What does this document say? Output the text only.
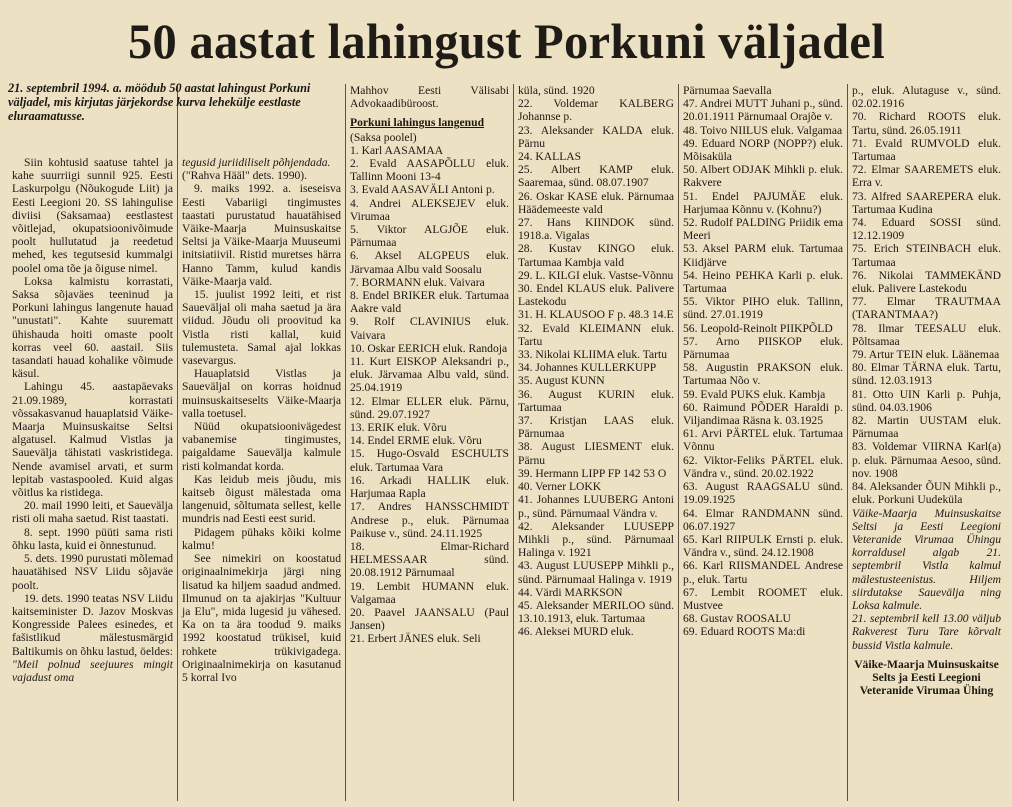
50 aastat lahingust Porkuni väljadel
21. septembril 1994. a. möödub 50 aastat lahingust Porkuni väljadel, mis kirjutas järjekordse kurva lehekülje eestlaste eluraamatusse.

Siin kohtusid saatuse tahtel ja kahe suurriigi sunnil 925. Eesti Laskurpolgu (Nõukogude Liit) ja Eesti Leegioni 20. SS lahingulise diviisi (Saksamaa) eestlastest võitlejad, okupatsioonivõimude poolt hullutatud ja reedetud mehed, kes tegutsesid kummalgi poolel oma tõe ja õiguse nimel.

Loksa kalmistu korrastati, Saksa sõjaväes teeninud ja Porkuni lahingus langenute hauad "unustati". Kahte suurematt ühishauda hoiti omaste poolt korras veel 60. aastail. Siis tasandati hauad kohalike võimude käsul.

Lahingu 45. aastapäevaks 21.09.1989, korrastati võssakasvanud hauaplatsid Väike-Maarja Muinsuskaitse Seltsi algatusel. Kalmud Vistlas ja Sauevälja tähistati vaskristidega. Nende avamisel arvati, et surm lepitab vastaspooled. Kuid algas võitlus ka ristidega.

20. mail 1990 leiti, et Sauevälja risti oli maha saetud. Rist taastati.

8. sept. 1990 püüti sama risti õhku lasta, kuid ei õnnestunud.

5. dets. 1990 purustati mõlemad hauatähised NSV Liidu sõjaväe poolt.

19. dets. 1990 teatas NSV Liidu kaitseminister D. Jazov Moskvas Kongresside Palees esinedes, et fašistlikud mälestusmärgid Baltikumis on õhku lastud, öeldes: "Meil polnud seejuures mingit vajadust oma

tegusid juriidiliselt põhjendada.

("Rahva Hääl" dets. 1990).

9. maiks 1992. a. iseseisva Eesti Vabariigi tingimustes taastati purustatud hauatähised Väike-Maarja Muinsuskaitse Seltsi ja Väike-Maarja Muuseumi initsiatiivil. Ristid muretses härra Hanno Tamm, kulud kandis Väike-Maarja vald.

15. juulist 1992 leiti, et rist Saueväljal oli maha saetud ja ära viidud. Jõudu oli proovitud ka Vistla risti kallal, kuid tulemusteta. Samal ajal lokkas vasevargus.

Hauaplatsid Vistlas ja Saueväljal on korras hoidnud muinsuskaitseselts Väike-Maarja valla toetusel.

Nüüd okupatsioonivägedest vabanemise tingimustes, paigaldame Sauevälja kalmule risti kolmandat korda.

Kas leidub meis jõudu, mis kaitseb õigust mälestada oma langenuid, sõltumata sellest, kelle mundris nad Eesti eest surid.

Pidagem pühaks kõiki kolme kalmu!

See nimekiri on koostatud originaalnimekirja järgi ning lisatud ka hiljem saadud andmed. Ilmunud on ta ajakirjas "Kultuur ja Elu", mida lugesid ju vähesed. Ka on ta ära toodud 9. maiks 1992 koostatud trükisel, kuid rohkete trükivigadega. Originaalnimekirja on kasutanud 5 korral Ivo

Mahhov Eesti Välisabi Advokaadibüroost.

Porkuni lahingus langenud

(Saksa poolel)

1. Karl AASAMAA

2. Evald AASAPÕLLU eluk. Tallinn Mooni 13-4

3. Evald AASAVÄLI Antoni p.

4. Andrei ALEKSEJEV eluk. Virumaa

5. Viktor ALGJÕE eluk. Pärnumaa

6. Aksel ALGPEUS eluk. Järvamaa Albu vald Soosalu

7. BORMANN eluk. Vaivara

8. Endel BRIKER eluk. Tartumaa Aakre vald

9. Rolf CLAVINIUS eluk. Vaivara

10. Oskar EERICH eluk. Randoja

11. Kurt EISKOP Aleksandri p., eluk. Järvamaa Albu vald, sünd. 25.04.1919

12. Elmar ELLER eluk. Pärnu, sünd. 29.07.1927

13. ERIK eluk. Võru

14. Endel ERME eluk. Võru

15. Hugo-Osvald ESCHULTS eluk. Tartumaa Vara

16. Arkadi HALLIK eluk. Harjumaa Rapla

17. Andres HANSSCHMIDT Andrese p., eluk. Pärnumaa Paikuse v., sünd. 24.11.1925

18. Elmar-Richard HELMESSAAR sünd. 20.08.1912 Pärnumaal

19. Lembit HUMANN eluk. Valgamaa

20. Paavel JAANSALU (Paul Jansen)

21. Erbert JÄNES eluk. Seli

küla, sünd. 1920

22. Voldemar KALBERG Johannse p.

23. Aleksander KALDA eluk. Pärnu

24. KALLAS

25. Albert KAMP eluk. Saaremaa, sünd. 08.07.1907

26. Oskar KASE eluk. Pärnumaa Häädemeeste vald

27. Hans KIINDOK sünd. 1918.a. Vigalas

28. Kustav KINGO eluk. Tartumaa Kambja vald

29. L. KILGI eluk. Vastse-Võnnu

30. Endel KLAUS eluk. Palivere Lastekodu

31. H. KLAUSOO F p. 48.3 14.E

32. Evald KLEIMANN eluk. Tartu

33. Nikolai KLIIMA eluk. Tartu

34. Johannes KULLERKUPP

35. August KUNN

36. August KURIN eluk. Tartumaa

37. Kristjan LAAS eluk. Pärnumaa

38. August LIESMENT eluk. Pärnu

39. Hermann LIPP FP 142 53 O

40. Verner LOKK

41. Johannes LUUBERG Antoni p., sünd. Pärnumaal Vändra v.

42. Aleksander LUUSEPP Mihkli p., sünd. Pärnumaal Halinga v. 1921

43. August LUUSEPP Mihkli p., sünd. Pärnumaal Halinga v. 1919

44. Värdi MARKSON

45. Aleksander MERILOO sünd. 13.10.1913, eluk. Tartumaa

46. Aleksei MURD eluk.

Pärnumaa Saevalla

47. Andrei MUTT Juhani p., sünd. 20.01.1911 Pärnumaal Orajõe v.

48. Toivo NIILUS eluk. Valgamaa

49. Eduard NORP (NOPP?) eluk. Mõisaküla

50. Albert ODJAK Mihkli p. eluk. Rakvere

51. Endel PAJUMÄE eluk. Harjumaa Kõnnu v. (Kohnu?)

52. Rudolf PALDING Priidik ema Meeri

53. Aksel PARM eluk. Tartumaa Kiidjärve

54. Heino PEHKA Karli p. eluk. Tartumaa

55. Viktor PIHO eluk. Tallinn, sünd. 27.01.1919

56. Leopold-Reinolt PIIKPÕLD

57. Arno PIISKOP eluk. Pärnumaa

58. Augustin PRAKSON eluk. Tartumaa Nõo v.

59. Evald PUKS eluk. Kambja

60. Raimund PÕDER Haraldi p. Viljandimaa Räsna k. 03.1925

61. Arvi PÄRTEL eluk. Tartumaa Võnnu

62. Viktor-Feliks PÄRTEL eluk. Vändra v., sünd. 20.02.1922

63. August RAAGSALU sünd. 19.09.1925

64. Elmar RANDMANN sünd. 06.07.1927

65. Karl RIIPULK Ernsti p. eluk. Vändra v., sünd. 24.12.1908

66. Karl RIISMANDEL Andrese p., eluk. Tartu

67. Lembit ROOMET eluk. Mustvee

68. Gustav ROOSALU

69. Eduard ROOTS Ma:di

p., eluk. Alutaguse v., sünd. 02.02.1916

70. Richard ROOTS eluk. Tartu, sünd. 26.05.1911

71. Evald RUMVOLD eluk. Tartumaa

72. Elmar SAAREMETS eluk. Erra v.

73. Alfred SAAREPERA eluk. Tartumaa Kudina

74. Eduard SOSSI sünd. 12.12.1909

75. Erich STEINBACH eluk. Tartumaa

76. Nikolai TAMMEKÄND eluk. Palivere Lastekodu

77. Elmar TRAUTMAA (TARANTMAA?)

78. Ilmar TEESALU eluk. Põltsamaa

79. Artur TEIN eluk. Läänemaa

80. Elmar TÄRNA eluk. Tartu, sünd. 12.03.1913

81. Otto UIN Karli p. Puhja, sünd. 04.03.1906

82. Martin UUSTAM eluk. Pärnumaa

83. Voldemar VIIRNA Karl(a) p. eluk. Pärnumaa Aesoo, sünd. nov. 1908

84. Aleksander ÕUN Mihkli p., eluk. Porkuni Uudeküla

Väike-Maarja Muinsuskaitse Seltsi ja Eesti Leegioni Veteranide Virumaa Ühingu korraldusel algab 21. septembril Vistla kalmul mälestusteenistus. Hiljem siirdutakse Sauevälja ning Loksa kalmule.

21. septembril kell 13.00 väljub Rakverest Turu Tare kõrvalt bussid Vistla kalmule.

Väike-Maarja Muinsuskaitse Selts ja Eesti Leegioni Veteranide Virumaa Ühing
